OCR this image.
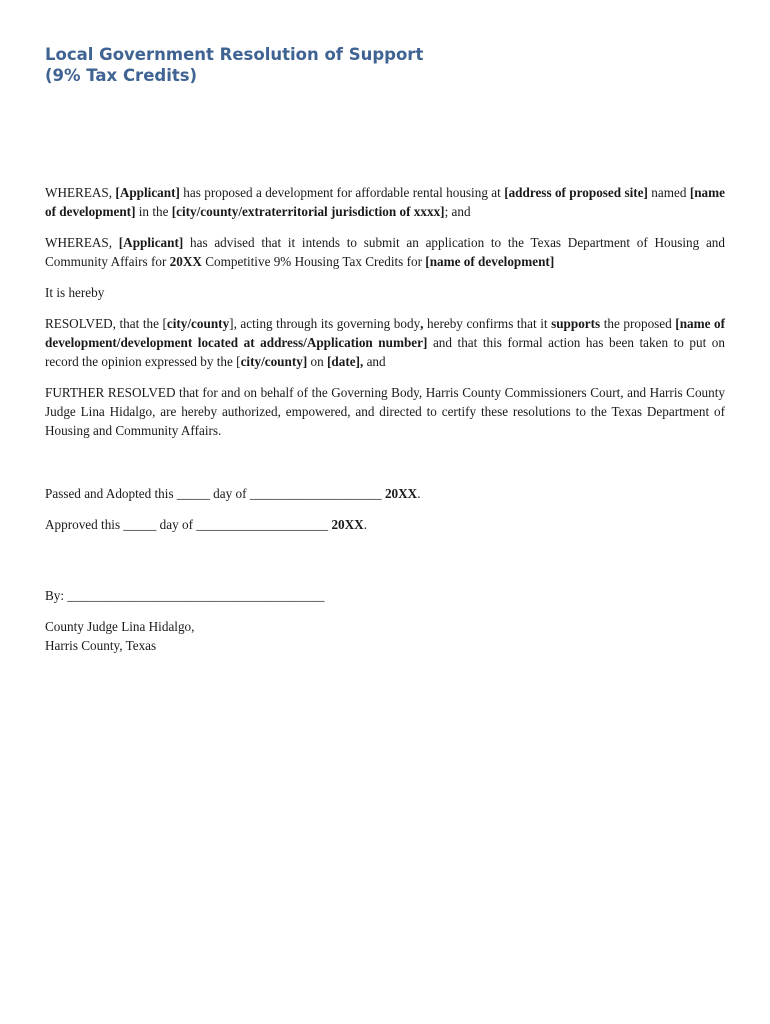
Local Government Resolution of Support
(9% Tax Credits)

WHEREAS, [Applicant] has proposed a development for affordable rental housing at [address of proposed site] named [name of development] in the [city/county/extraterritorial jurisdiction of xxxx]; and

WHEREAS, [Applicant] has advised that it intends to submit an application to the Texas Department of Housing and Community Affairs for 20XX Competitive 9% Housing Tax Credits for [name of development]

It is hereby

RESOLVED, that the [city/county], acting through its governing body, hereby confirms that it supports the proposed [name of development/development located at address/Application number] and that this formal action has been taken to put on record the opinion expressed by the [city/county] on [date], and

FURTHER RESOLVED that for and on behalf of the Governing Body, Harris County Commissioners Court, and Harris County Judge Lina Hidalgo, are hereby authorized, empowered, and directed to certify these resolutions to the Texas Department of Housing and Community Affairs.

Passed and Adopted this _____ day of ____________________ 20XX.

Approved this _____ day of ____________________ 20XX.

By: _______________________________________

County Judge Lina Hidalgo,
Harris County, Texas
